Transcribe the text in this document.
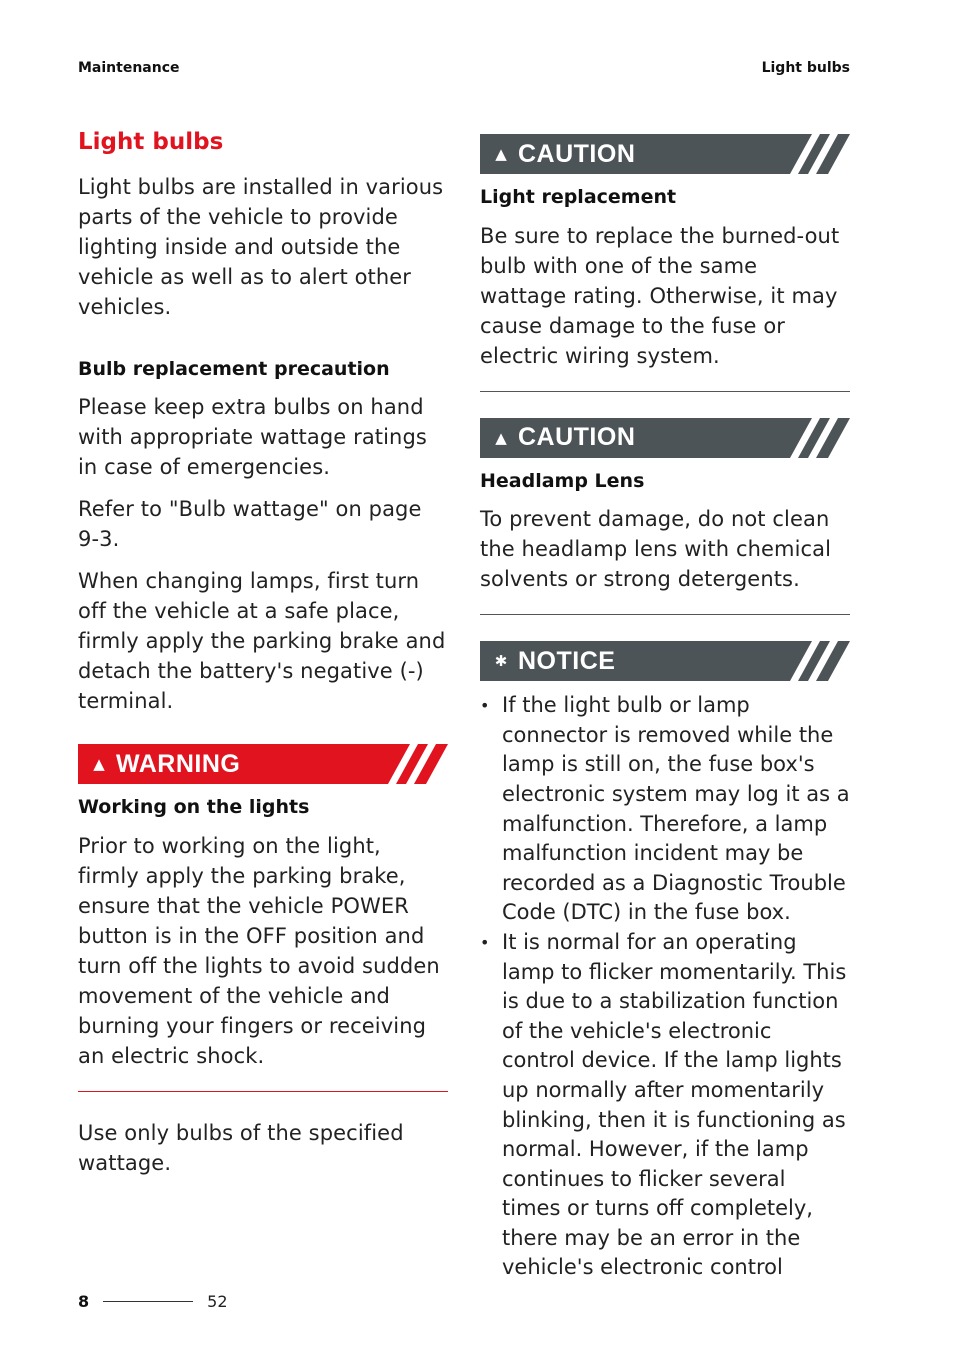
Maintenance	Light bulbs
Light bulbs

Light bulbs are installed in various parts of the vehicle to provide lighting inside and outside the vehicle as well as to alert other vehicles.

Bulb replacement precaution

Please keep extra bulbs on hand with appropriate wattage ratings in case of emergencies.

Refer to "Bulb wattage" on page 9-3.

When changing lamps, first turn off the vehicle at a safe place, firmly apply the parking brake and detach the battery's negative (-) terminal.

▲ WARNING
Working on the lights

Prior to working on the light, firmly apply the parking brake, ensure that the vehicle POWER button is in the OFF position and turn off the lights to avoid sudden movement of the vehicle and burning your fingers or receiving an electric shock.

Use only bulbs of the specified wattage.

▲ CAUTION
Light replacement

Be sure to replace the burned-out bulb with one of the same wattage rating. Otherwise, it may cause damage to the fuse or electric wiring system.

▲ CAUTION
Headlamp Lens

To prevent damage, do not clean the headlamp lens with chemical solvents or strong detergents.

✱ NOTICE
• If the light bulb or lamp connector is removed while the lamp is still on, the fuse box's electronic system may log it as a malfunction. Therefore, a lamp malfunction incident may be recorded as a Diagnostic Trouble Code (DTC) in the fuse box.
• It is normal for an operating lamp to flicker momentarily. This is due to a stabilization function of the vehicle's electronic control device. If the lamp lights up normally after momentarily blinking, then it is functioning as normal. However, if the lamp continues to flicker several times or turns off completely, there may be an error in the vehicle's electronic control
8	52
